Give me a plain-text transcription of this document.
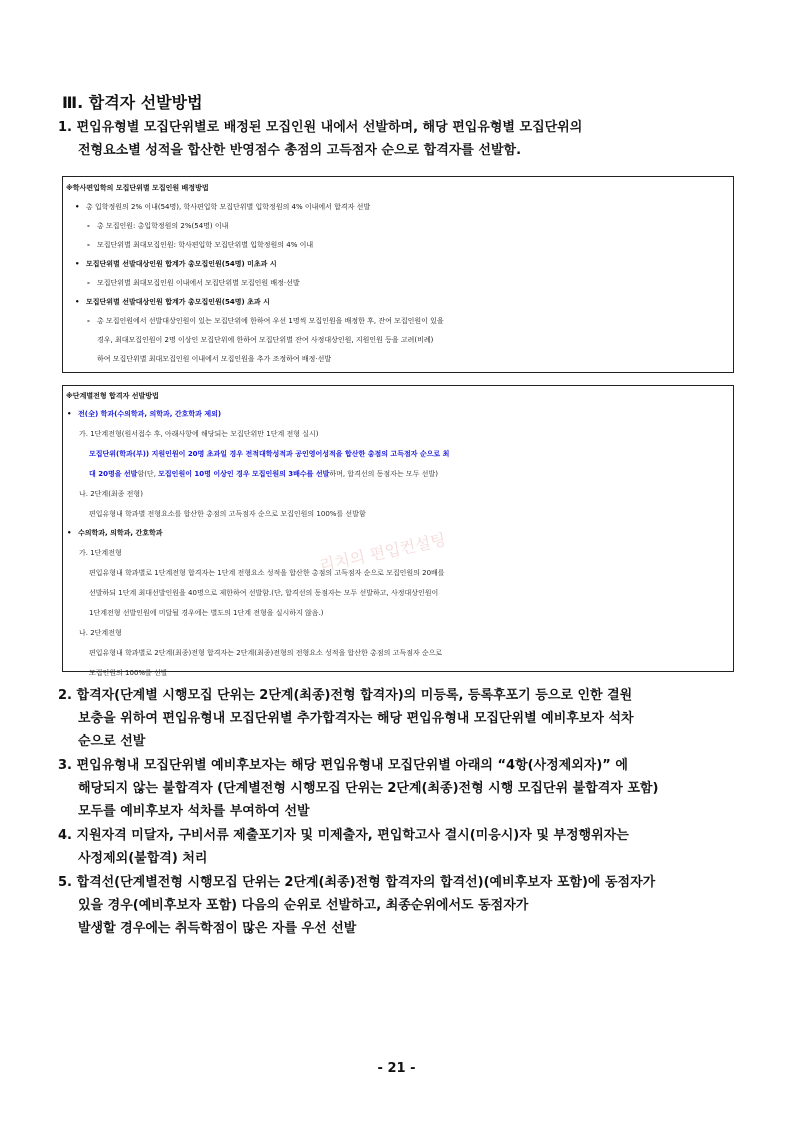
Ⅲ. 합격자 선발방법
1. 편입유형별 모집단위별로 배정된 모집인원 내에서 선발하며, 해당 편입유형별 모집단위의
전형요소별 성적을 합산한 반영점수 총점의 고득점자 순으로 합격자를 선발함.
※학사편입학의 모집단위별 모집인원 배정방법
• 총 입학정원의 2% 이내(54명), 학사편입학 모집단위별 입학정원의 4% 이내에서 합격자 선발
- 총 모집인원: 총입학정원의 2%(54명) 이내
- 모집단위별 최대모집인원: 학사편입학 모집단위별 입학정원의 4% 이내
• 모집단위별 선발대상인원 합계가 총모집인원(54명) 미초과 시
- 모집단위별 최대모집인원 이내에서 모집단위별 모집인원 배정·선발
• 모집단위별 선발대상인원 합계가 총모집인원(54명) 초과 시
- 총 모집인원에서 선발대상인원이 있는 모집단위에 한하여 우선 1명씩 모집인원을 배정한 후, 잔여 모집인원이 있을
경우, 최대모집인원이 2명 이상인 모집단위에 한하여 모집단위별 잔여 사정대상인원, 지원인원 등을 고려(비례)
하여 모집단위별 최대모집인원 이내에서 모집인원을 추가 조정하여 배정·선발
※단계별전형 합격자 선발방법
• 전(全) 학과(수의학과, 의학과, 간호학과 제외)
가. 1단계전형(원서접수 후, 아래사항에 해당되는 모집단위만 1단계 전형 실시)
모집단위(학과(부)) 지원인원이 20명 초과일 경우 전적대학성적과 공인영어성적을 합산한 총점의 고득점자 순으로 최
대 20명을 선발함(단, 모집인원이 10명 이상인 경우 모집인원의 3배수를 선발하며, 합격선의 동점자는 모두 선발)
나. 2단계(최종 전형)
편입유형내 학과별 전형요소를 합산한 총점의 고득점자 순으로 모집인원의 100%를 선발함
• 수의학과, 의학과, 간호학과
가. 1단계전형
편입유형내 학과별로 1단계전형 합격자는 1단계 전형요소 성적을 합산한 총점의 고득점자 순으로 모집인원의 20배를
선발하되 1단계 최대선발인원을 40명으로 제한하여 선발함.(단, 합격선의 동점자는 모두 선발하고, 사정대상인원이
1단계전형 선발인원에 미달될 경우에는 별도의 1단계 전형을 실시하지 않음.)
나. 2단계전형
편입유형내 학과별로 2단계(최종)전형 합격자는 2단계(최종)전형의 전형요소 성적을 합산한 총점의 고득점자 순으로
모집인원의 100%를 선발
리치의 편입컨설팅
2. 합격자(단계별 시행모집 단위는 2단계(최종)전형 합격자)의 미등록, 등록후포기 등으로 인한 결원
보충을 위하여 편입유형내 모집단위별 추가합격자는 해당 편입유형내 모집단위별 예비후보자 석차
순으로 선발
3. 편입유형내 모집단위별 예비후보자는 해당 편입유형내 모집단위별 아래의 “4항(사정제외자)” 에
해당되지 않는 불합격자 (단계별전형 시행모집 단위는 2단계(최종)전형 시행 모집단위 불합격자 포함)
모두를 예비후보자 석차를 부여하여 선발
4. 지원자격 미달자, 구비서류 제출포기자 및 미제출자, 편입학고사 결시(미응시)자 및 부정행위자는
사정제외(불합격) 처리
5. 합격선(단계별전형 시행모집 단위는 2단계(최종)전형 합격자의 합격선)(예비후보자 포함)에 동점자가
있을 경우(예비후보자 포함) 다음의 순위로 선발하고, 최종순위에서도 동점자가
발생할 경우에는 취득학점이 많은 자를 우선 선발
- 21 -
